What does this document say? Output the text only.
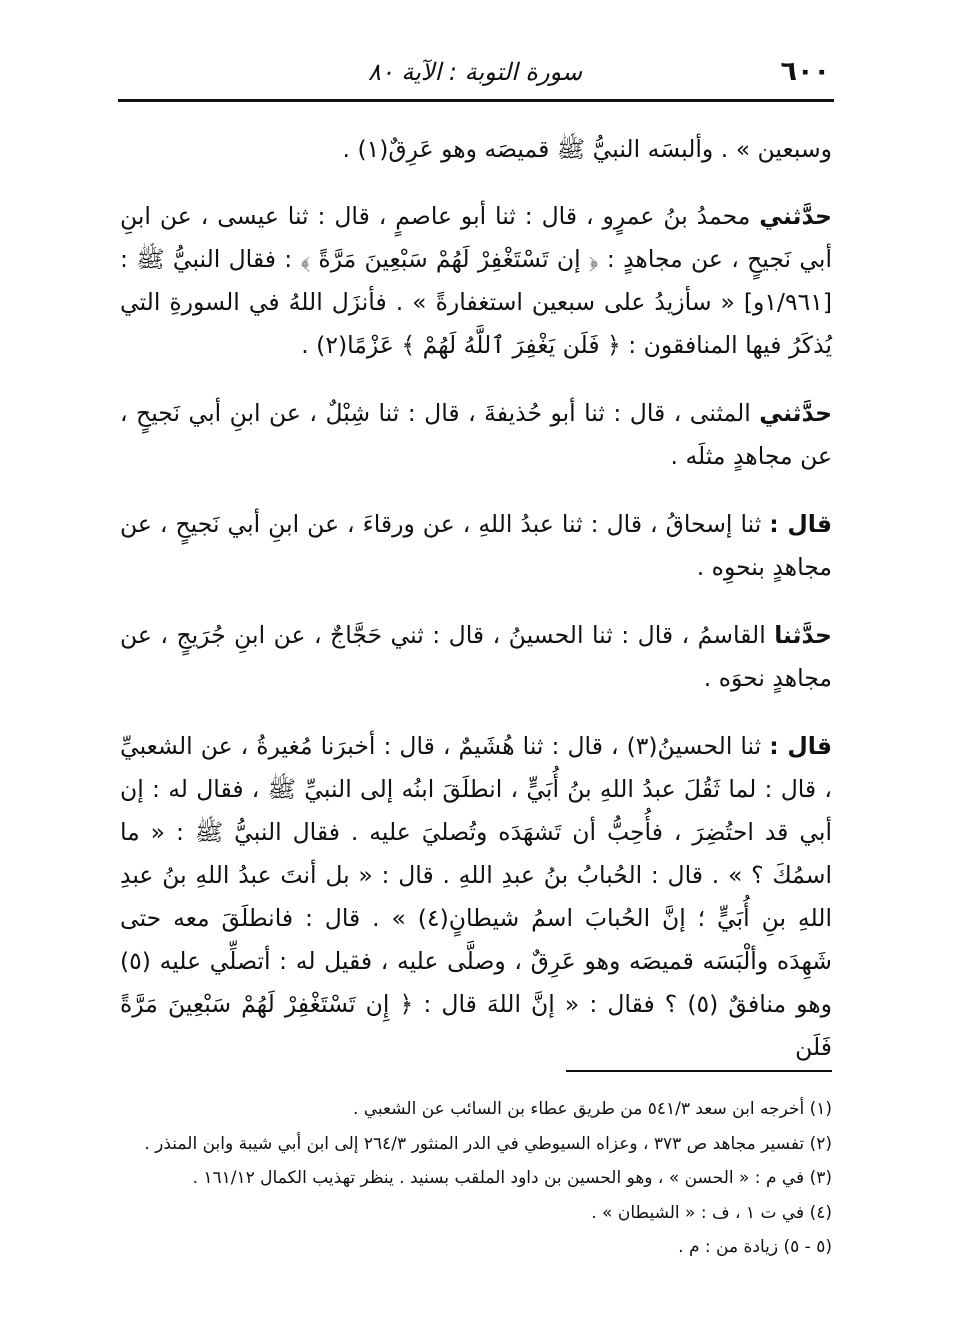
٦٠٠
سورة التوبة : الآية ٨٠

وسبعين » . وألبسَه النبيُّ ﷺ قميصَه وهو عَرِقٌ(١) .

حدَّثني محمدُ بنُ عمرٍو ، قال : ثنا أبو عاصمٍ ، قال : ثنا عيسى ، عن ابنِ أبي نَجيحٍ ، عن مجاهدٍ : ﴿ إن تَسْتَغْفِرْ لَهُمْ سَبْعِينَ مَرَّةً ﴾ : فقال النبيُّ ﷺ : [١/٩٦١و] « سأزيدُ على سبعين استغفارةً » . فأنزَل اللهُ في السورةِ التي يُذكَرُ فيها المنافقون : ﴿ فَلَن يَغْفِرَ ٱللَّهُ لَهُمْ ﴾ عَزْمًا(٢) .

حدَّثني المثنى ، قال : ثنا أبو حُذيفةَ ، قال : ثنا شِبْلٌ ، عن ابنِ أبي نَجيحٍ ، عن مجاهدٍ مثلَه .

قال : ثنا إسحاقُ ، قال : ثنا عبدُ اللهِ ، عن ورقاءَ ، عن ابنِ أبي نَجيحٍ ، عن مجاهدٍ بنحوِه .

حدَّثنا القاسمُ ، قال : ثنا الحسينُ ، قال : ثني حَجَّاجٌ ، عن ابنِ جُرَيجٍ ، عن مجاهدٍ نحوَه .

قال : ثنا الحسينُ(٣) ، قال : ثنا هُشَيمٌ ، قال : أخبرَنا مُغيرةُ ، عن الشعبيِّ ، قال : لما ثَقُلَ عبدُ اللهِ بنُ أُبَيٍّ ، انطلَقَ ابنُه إلى النبيِّ ﷺ ، فقال له : إن أبي قد احتُضِرَ ، فأُحِبُّ أن تَشهَدَه وتُصليَ عليه . فقال النبيُّ ﷺ : « ما اسمُكَ ؟ » . قال : الحُبابُ بنُ عبدِ اللهِ . قال : « بل أنتَ عبدُ اللهِ بنُ عبدِ اللهِ بنِ أُبَيٍّ ؛ إنَّ الحُبابَ اسمُ شيطانٍ(٤) » . قال : فانطلَقَ معه حتى شَهِدَه وألْبَسَه قميصَه وهو عَرِقٌ ، وصلَّى عليه ، فقيل له : أتصلِّي عليه (٥) وهو منافقٌ (٥) ؟ فقال : « إنَّ اللهَ قال : ﴿ إِن تَسْتَغْفِرْ لَهُمْ سَبْعِينَ مَرَّةً فَلَن

(١) أخرجه ابن سعد ٥٤١/٣ من طريق عطاء بن السائب عن الشعبي .

(٢) تفسير مجاهد ص ٣٧٣ ، وعزاه السيوطي في الدر المنثور ٢٦٤/٣ إلى ابن أبي شيبة وابن المنذر .

(٣) في م : « الحسن » ، وهو الحسين بن داود الملقب بسنيد . ينظر تهذيب الكمال ١٦١/١٢ .

(٤) في ت ١ ، ف : « الشيطان » .

(٥ - ٥) زيادة من : م .
